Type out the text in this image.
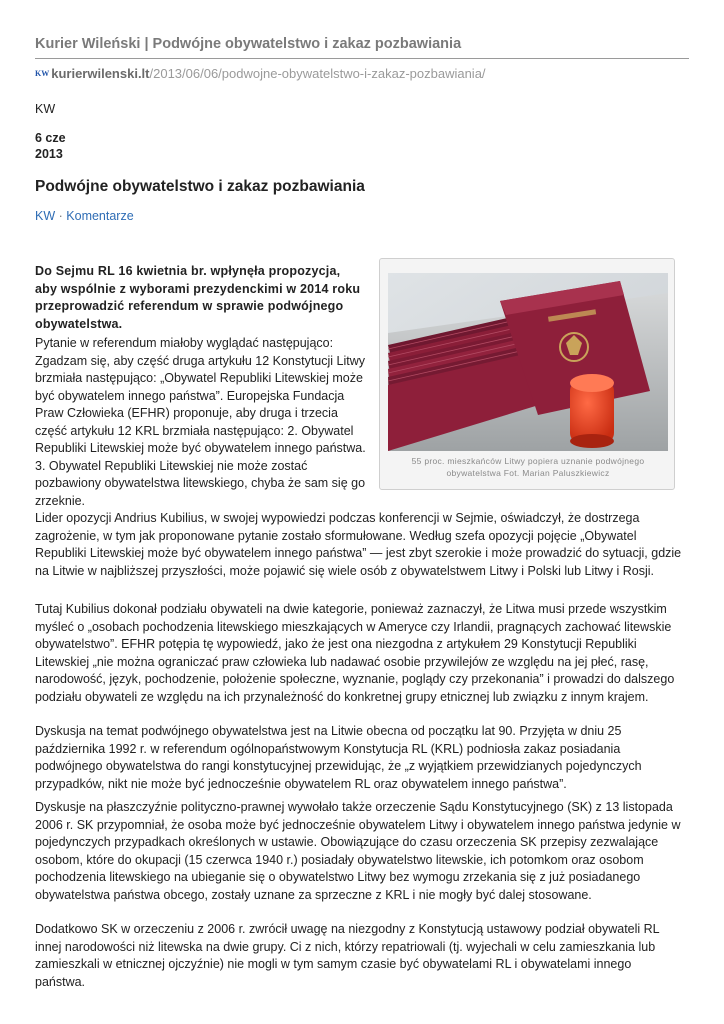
Kurier Wileński | Podwójne obywatelstwo i zakaz pozbawiania
KW kurierwilenski.lt/2013/06/06/podwojne-obywatelstwo-i-zakaz-pozbawiania/
KW
6 cze
2013
Podwójne obywatelstwo i zakaz pozbawiania
KW · Komentarze
55 proc. mieszkańców Litwy popiera uznanie podwójnego
obywatelstwa Fot. Marian Paluszkiewicz

Do Sejmu RL 16 kwietnia br. wpłynęła propozycja, aby wspólnie z wyborami prezydenckimi w 2014 roku przeprowadzić referendum w sprawie podwójnego obywatelstwa.

Pytanie w referendum miałoby wyglądać następująco: Zgadzam się, aby część druga artykułu 12 Konstytucji Litwy brzmiała następująco: „Obywatel Republiki Litewskiej może być obywatelem innego państwa”. Europejska Fundacja Praw Człowieka (EFHR) proponuje, aby druga i trzecia część artykułu 12 KRL brzmiała następująco: 2. Obywatel Republiki Litewskiej może być obywatelem innego państwa. 3. Obywatel Republiki Litewskiej nie może zostać pozbawiony obywatelstwa litewskiego, chyba że sam się go zrzeknie.

Lider opozycji Andrius Kubilius, w swojej wypowiedzi podczas konferencji w Sejmie, oświadczył, że dostrzega zagrożenie, w tym jak proponowane pytanie zostało sformułowane. Według szefa opozycji pojęcie „Obywatel Republiki Litewskiej może być obywatelem innego państwa” — jest zbyt szerokie i może prowadzić do sytuacji, gdzie na Litwie w najbliższej przyszłości, może pojawić się wiele osób z obywatelstwem Litwy i Polski lub Litwy i Rosji.

Tutaj Kubilius dokonał podziału obywateli na dwie kategorie, ponieważ zaznaczył, że Litwa musi przede wszystkim myśleć o „osobach pochodzenia litewskiego mieszkających w Ameryce czy Irlandii, pragnących zachować litewskie obywatelstwo”. EFHR potępia tę wypowiedź, jako że jest ona niezgodna z artykułem 29 Konstytucji Republiki Litewskiej „nie można ograniczać praw człowieka lub nadawać osobie przywilejów ze względu na jej płeć, rasę, narodowość, język, pochodzenie, położenie społeczne, wyznanie, poglądy czy przekonania” i prowadzi do dalszego podziału obywateli ze względu na ich przynależność do konkretnej grupy etnicznej lub związku z innym krajem.

Dyskusja na temat podwójnego obywatelstwa jest na Litwie obecna od początku lat 90. Przyjęta w dniu 25 października 1992 r. w referendum ogólnopaństwowym Konstytucja RL (KRL) podniosła zakaz posiadania podwójnego obywatelstwa do rangi konstytucyjnej przewidując, że „z wyjątkiem przewidzianych pojedynczych przypadków, nikt nie może być jednocześnie obywatelem RL oraz obywatelem innego państwa”.

Dyskusje na płaszczyźnie polityczno-prawnej wywołało także orzeczenie Sądu Konstytucyjnego (SK) z 13 listopada 2006 r. SK przypomniał, że osoba może być jednocześnie obywatelem Litwy i obywatelem innego państwa jedynie w pojedynczych przypadkach określonych w ustawie. Obowiązujące do czasu orzeczenia SK przepisy zezwalające osobom, które do okupacji (15 czerwca 1940 r.) posiadały obywatelstwo litewskie, ich potomkom oraz osobom pochodzenia litewskiego na ubieganie się o obywatelstwo Litwy bez wymogu zrzekania się z już posiadanego obywatelstwa państwa obcego, zostały uznane za sprzeczne z KRL i nie mogły być dalej stosowane.

Dodatkowo SK w orzeczeniu z 2006 r. zwrócił uwagę na niezgodny z Konstytucją ustawowy podział obywateli RL innej narodowości niż litewska na dwie grupy. Ci z nich, którzy repatriowali (tj. wyjechali w celu zamieszkania lub zamieszkali w etnicznej ojczyźnie) nie mogli w tym samym czasie być obywatelami RL i obywatelami innego państwa.
